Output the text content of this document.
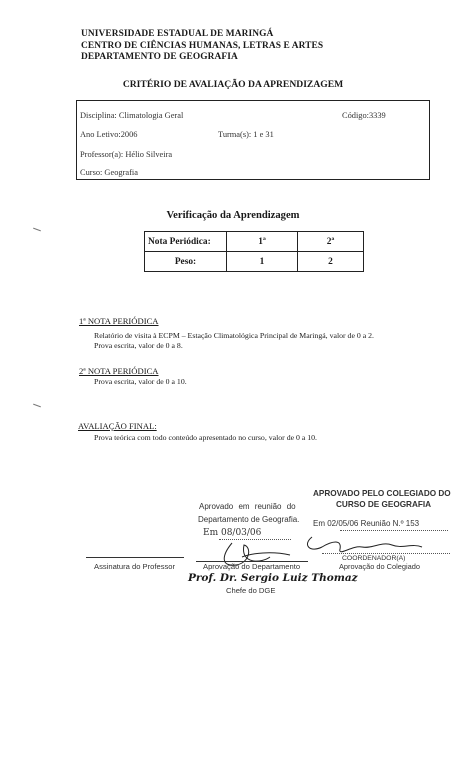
UNIVERSIDADE ESTADUAL DE MARINGÁ
CENTRO DE CIÊNCIAS HUMANAS, LETRAS E ARTES
DEPARTAMENTO DE GEOGRAFIA
CRITÉRIO DE AVALIAÇÃO DA APRENDIZAGEM
Disciplina: Climatologia Geral	Código:3339
Ano Letivo:2006	Turma(s): 1 e 31
Professor(a): Hélio Silveira
Curso: Geografia
Verificação da Aprendizagem
Nota Periódica:	1ª	2ª
Peso:	1	2
1ª NOTA PERIÓDICA
Relatório de visita à ECPM – Estação Climatológica Principal de Maringá, valor de 0 a 2.
Prova escrita, valor de 0 a 8.
2ª NOTA PERIÓDICA
Prova escrita, valor de 0 a 10.
AVALIAÇÃO FINAL:
Prova teórica com todo conteúdo apresentado no curso, valor de 0 a 10.
Aprovado em reunião do
Departamento de Geografia.
Em 08/03/06
Aprovação do Departamento
Prof. Dr. Sergio Luiz Thomaz
Chefe do DGE
APROVADO PELO COLEGIADO DO
CURSO DE GEOGRAFIA
Em 02/05/06 Reunião N.º 153
COORDENADOR(A)
Aprovação do Colegiado
Assinatura do Professor
